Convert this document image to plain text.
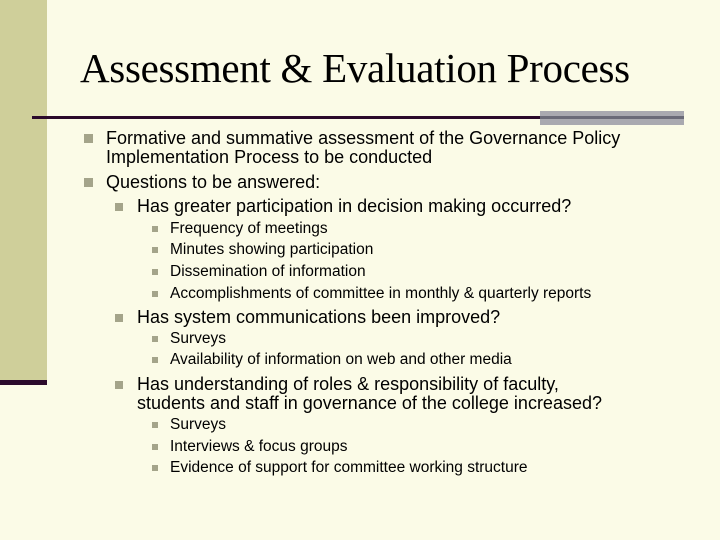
Assessment & Evaluation Process
Formative and summative assessment of the Governance Policy
Implementation Process to be conducted
Questions to be answered:
Has greater participation in decision making occurred?
Frequency of meetings
Minutes showing participation
Dissemination of information
Accomplishments of committee in monthly & quarterly reports
Has system communications been improved?
Surveys
Availability of information on web and other media
Has understanding of roles & responsibility of faculty,
students and staff in governance of the college increased?
Surveys
Interviews & focus groups
Evidence of support for committee working structure
